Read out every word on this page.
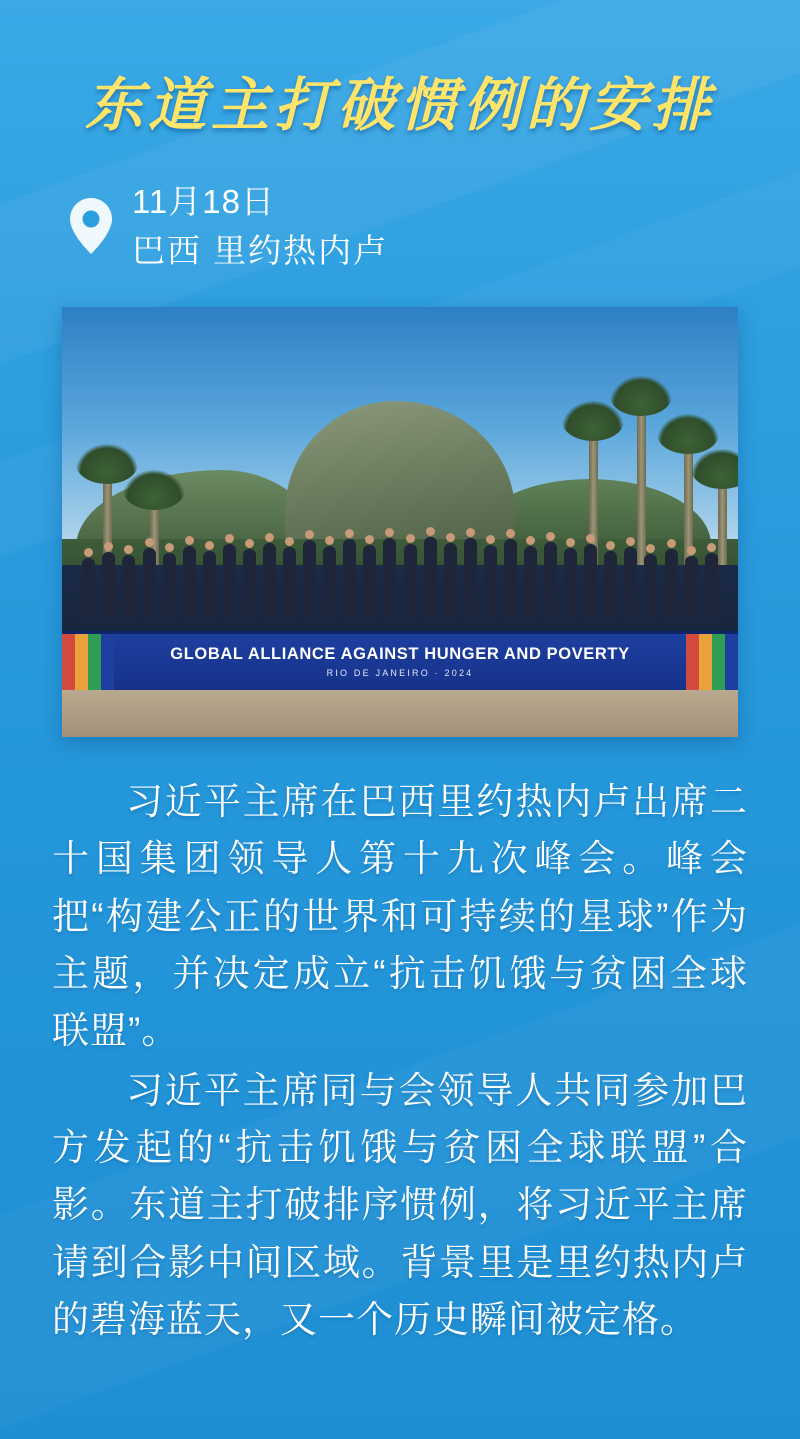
东道主打破惯例的安排
11月18日
巴西 里约热内卢
GLOBAL ALLIANCE AGAINST HUNGER AND POVERTY
RIO DE JANEIRO · 2024

习近平主席在巴西里约热内卢出席二十国集团领导人第十九次峰会。峰会把“构建公正的世界和可持续的星球”作为主题，并决定成立“抗击饥饿与贫困全球联盟”。

习近平主席同与会领导人共同参加巴方发起的“抗击饥饿与贫困全球联盟”合影。东道主打破排序惯例，将习近平主席请到合影中间区域。背景里是里约热内卢的碧海蓝天，又一个历史瞬间被定格。
